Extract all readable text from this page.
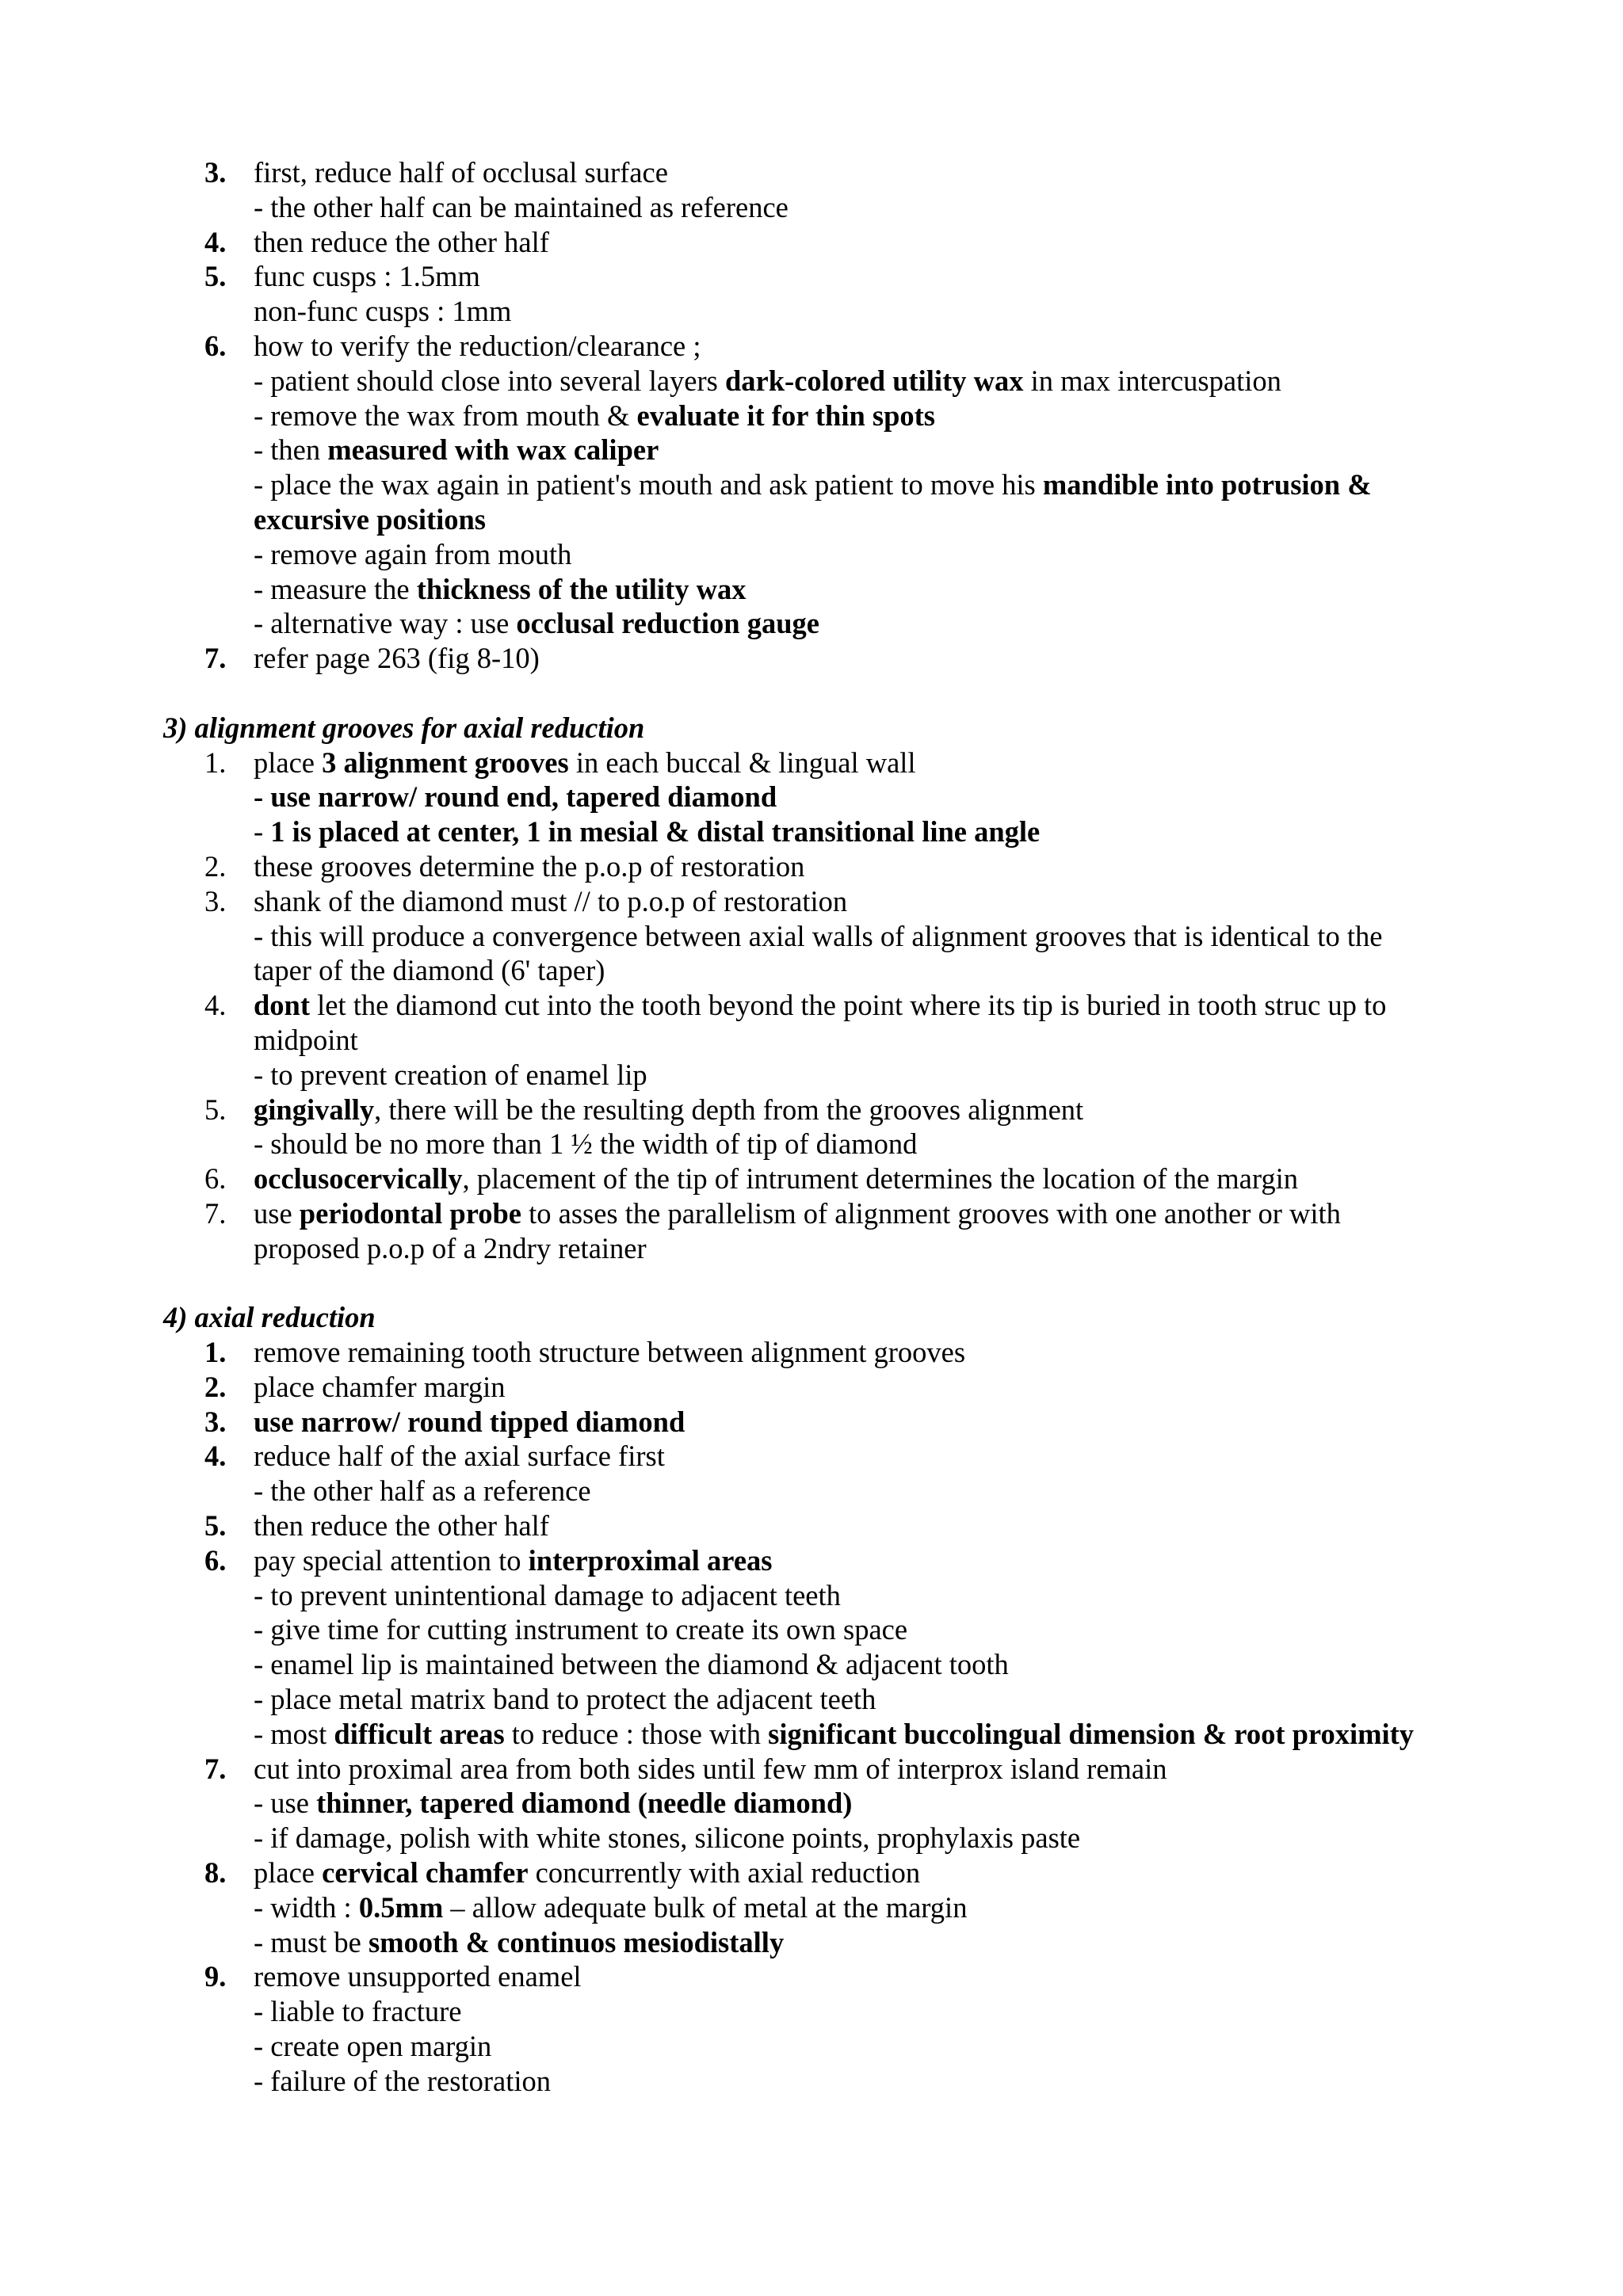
3. first, reduce half of occlusal surface
- the other half can be maintained as reference
4. then reduce the other half
5. func cusps : 1.5mm
non-func cusps : 1mm
6. how to verify the reduction/clearance ;
- patient should close into several layers dark-colored utility wax in max intercuspation
- remove the wax from mouth & evaluate it for thin spots
- then measured with wax caliper
- place the wax again in patient's mouth and ask patient to move his mandible into potrusion &
excursive positions
- remove again from mouth
- measure the thickness of the utility wax
- alternative way : use occlusal reduction gauge
7. refer page 263 (fig 8-10)
3) alignment grooves for axial reduction
1. place 3 alignment grooves in each buccal & lingual wall
- use narrow/ round end, tapered diamond
- 1 is placed at center, 1 in mesial & distal transitional line angle
2. these grooves determine the p.o.p of restoration
3. shank of the diamond must // to p.o.p of restoration
- this will produce a convergence between axial walls of alignment grooves that is identical to the
taper of the diamond (6' taper)
4. dont let the diamond cut into the tooth beyond the point where its tip is buried in tooth struc up to
midpoint
- to prevent creation of enamel lip
5. gingivally, there will be the resulting depth from the grooves alignment
- should be no more than 1 ½ the width of tip of diamond
6. occlusocervically, placement of the tip of intrument determines the location of the margin
7. use periodontal probe to asses the parallelism of alignment grooves with one another or with
proposed p.o.p of a 2ndry retainer
4) axial reduction
1. remove remaining tooth structure between alignment grooves
2. place chamfer margin
3. use narrow/ round tipped diamond
4. reduce half of the axial surface first
- the other half as a reference
5. then reduce the other half
6. pay special attention to interproximal areas
- to prevent unintentional damage to adjacent teeth
- give time for cutting instrument to create its own space
- enamel lip is maintained between the diamond & adjacent tooth
- place metal matrix band to protect the adjacent teeth
- most difficult areas to reduce : those with significant buccolingual dimension & root proximity
7. cut into proximal area from both sides until few mm of interprox island remain
- use thinner, tapered diamond (needle diamond)
- if damage, polish with white stones, silicone points, prophylaxis paste
8. place cervical chamfer concurrently with axial reduction
- width : 0.5mm – allow adequate bulk of metal at the margin
- must be smooth & continuos mesiodistally
9. remove unsupported enamel
- liable to fracture
- create open margin
- failure of the restoration
